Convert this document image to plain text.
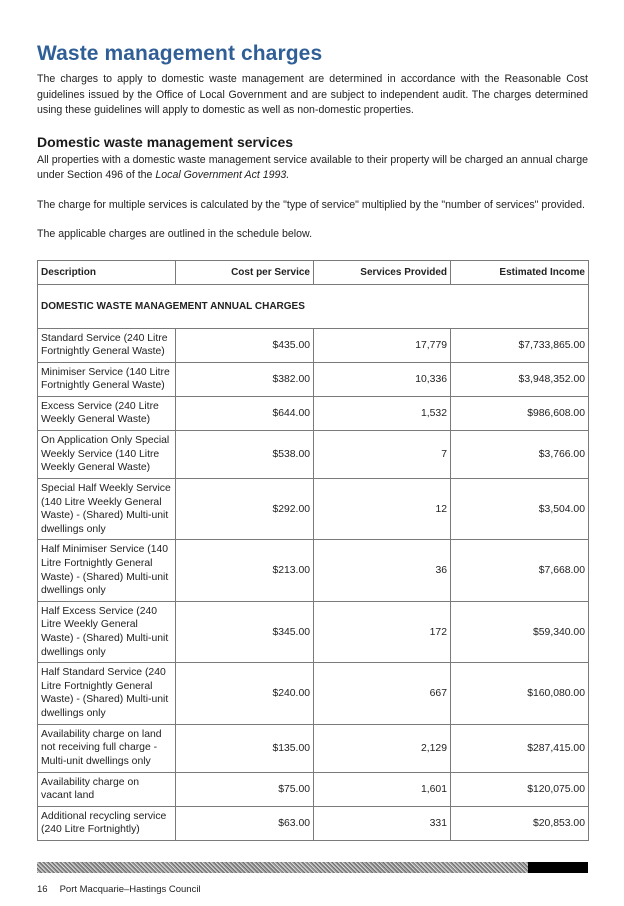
Waste management charges

The charges to apply to domestic waste management are determined in accordance with the Reasonable Cost guidelines issued by the Office of Local Government and are subject to independent audit. The charges determined using these guidelines will apply to domestic as well as non-domestic properties.

Domestic waste management services

All properties with a domestic waste management service available to their property will be charged an annual charge under Section 496 of the Local Government Act 1993.

The charge for multiple services is calculated by the "type of service" multiplied by the "number of services" provided.

The applicable charges are outlined in the schedule below.

Description	Cost per Service	Services Provided	Estimated Income
DOMESTIC WASTE MANAGEMENT ANNUAL CHARGES			
Standard Service (240 Litre Fortnightly General Waste)	$435.00	17,779	$7,733,865.00
Minimiser Service (140 Litre Fortnightly General Waste)	$382.00	10,336	$3,948,352.00
Excess Service (240 Litre Weekly General Waste)	$644.00	1,532	$986,608.00
On Application Only Special Weekly Service (140 Litre Weekly General Waste)	$538.00	7	$3,766.00
Special Half Weekly Service (140 Litre Weekly General Waste) - (Shared) Multi-unit dwellings only	$292.00	12	$3,504.00
Half Minimiser Service (140 Litre Fortnightly General Waste) - (Shared) Multi-unit dwellings only	$213.00	36	$7,668.00
Half Excess Service (240 Litre Weekly General Waste) - (Shared) Multi-unit dwellings only	$345.00	172	$59,340.00
Half Standard Service (240 Litre Fortnightly General Waste) - (Shared) Multi-unit dwellings only	$240.00	667	$160,080.00
Availability charge on land not receiving full charge - Multi-unit dwellings only	$135.00	2,129	$287,415.00
Availability charge on vacant land	$75.00	1,601	$120,075.00
Additional recycling service (240 Litre Fortnightly)	$63.00	331	$20,853.00
16 Port Macquarie–Hastings Council
